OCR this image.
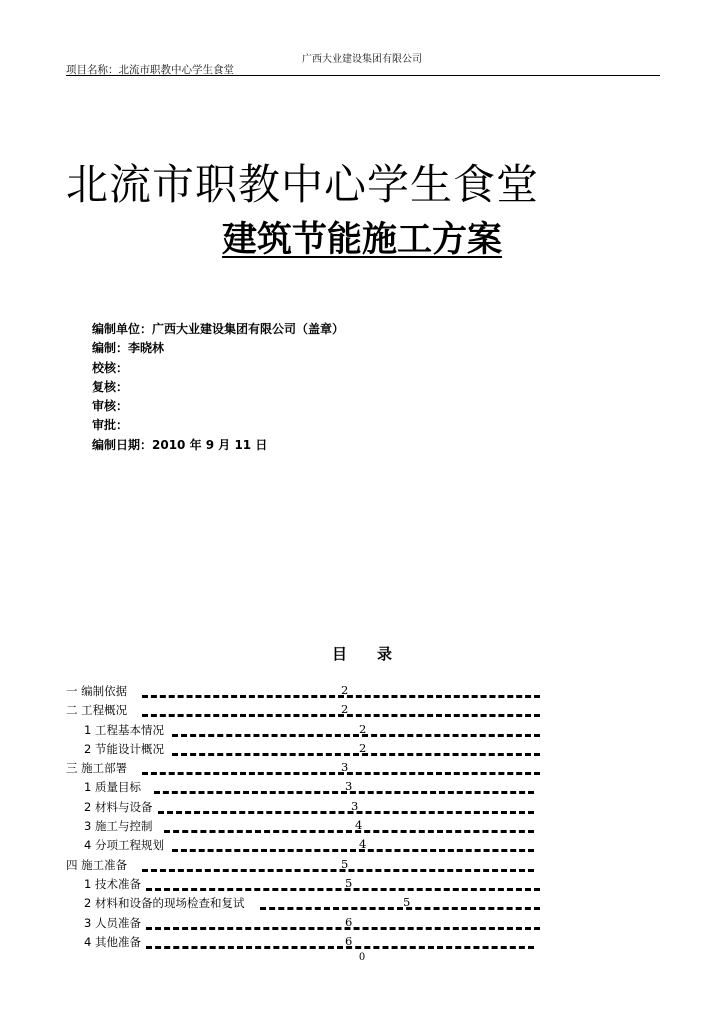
广西大业建设集团有限公司
项目名称：北流市职教中心学生食堂
北流市职教中心学生食堂
建筑节能施工方案
编制单位：广西大业建设集团有限公司（盖章）
编制：李晓林
校核：
复核：
审核：
审批：
编制日期：2010 年 9 月 11 日
目 录
一 编制依据	2
二 工程概况	2
1 工程基本情况	2
2 节能设计概况	2
三 施工部署	3
1 质量目标	3
2 材料与设备	3
3 施工与控制	4
4 分项工程规划	4
四 施工准备	5
1 技术准备	5
2 材料和设备的现场检查和复试	5
3 人员准备	6
4 其他准备	6
0
